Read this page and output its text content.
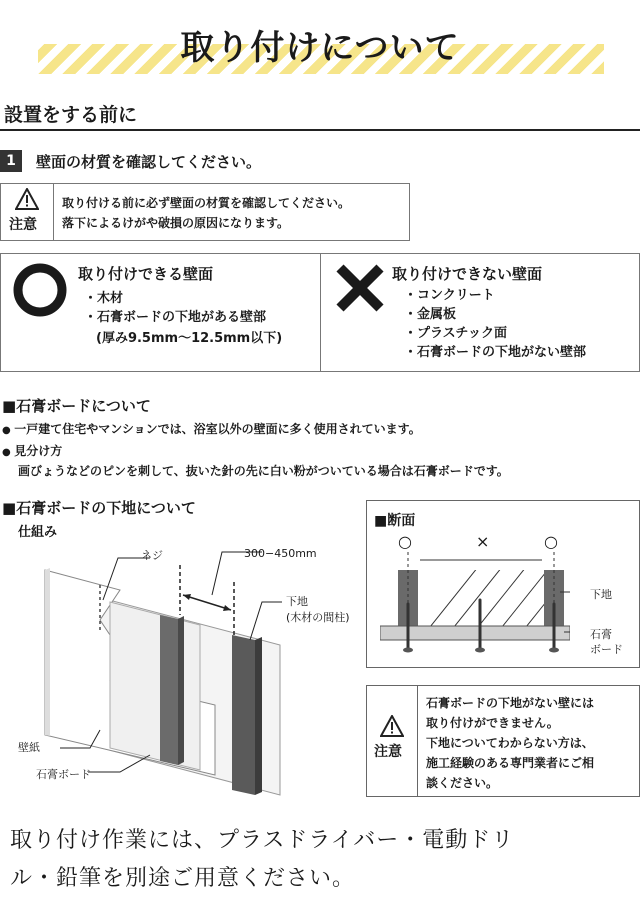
取り付けについて
設置をする前に
1	壁面の材質を確認してください。
注意
取り付ける前に必ず壁面の材質を確認してください。
落下によるけがや破損の原因になります。
取り付けできる壁面
・ 木材
・ 石膏ボードの下地がある壁部
(厚み9.5mm〜12.5mm以下)
取り付けできない壁面
・ コンクリート
・ 金属板
・ プラスチック面
・ 石膏ボードの下地がない壁部
■ 石膏ボードについて
● 一戸建て住宅やマンションでは、浴室以外の壁面に多く使用されています。
● 見分け方
画びょうなどのピンを刺して、抜いた針の先に白い粉がついている場合は石膏ボードです。
■ 石膏ボードの下地について
仕組み
ネジ	300−450mm
下地
(木材の間柱)
壁紙
石膏ボード
■ 断面
○	×	○
下地
石膏
ボード
注意
石膏ボードの下地がない壁には
取り付けができません。
下地についてわからない方は、
施工経験のある専門業者にご相
談ください。
取り付け作業には、プラスドライバー・電動ドリ
ル・鉛筆を別途ご用意ください。
